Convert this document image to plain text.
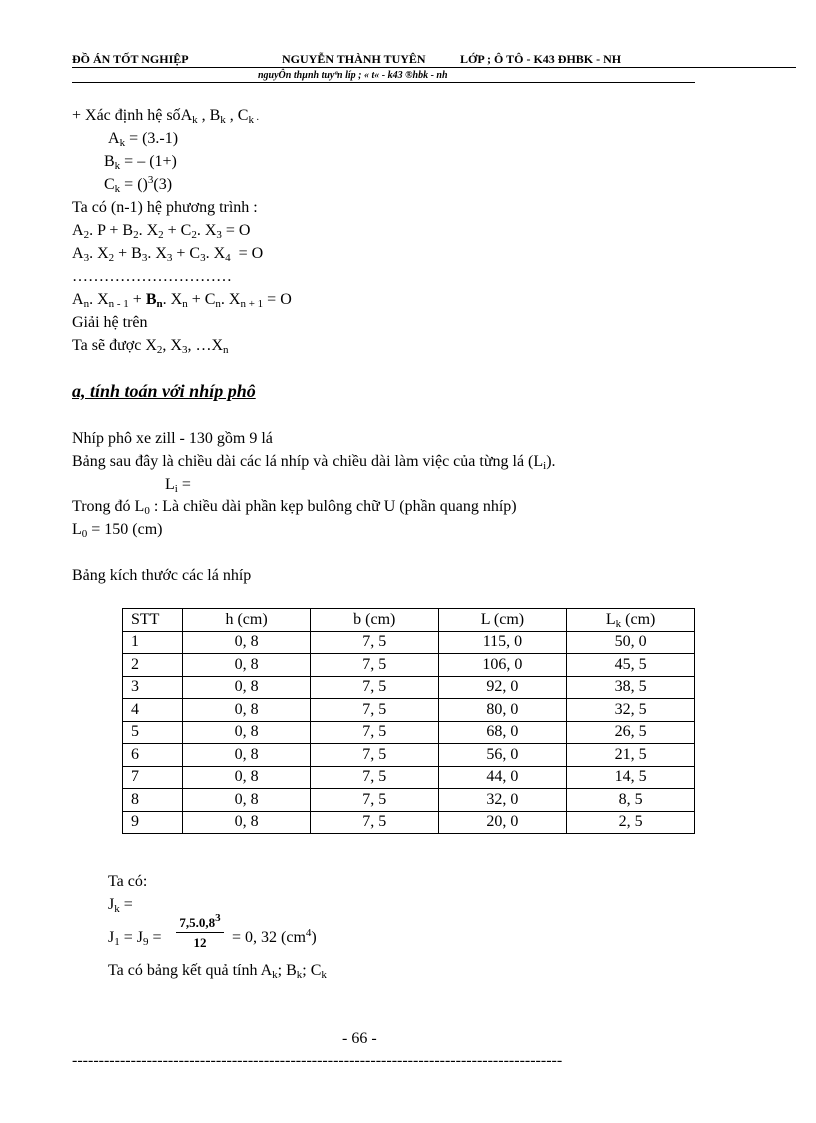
ĐỒ ÁN TỐT NGHIỆP	NGUYỄN THÀNH TUYÊN	LỚP ; Ô TÔ - K43 ĐHBK - NH
nguyÔn thµnh tuyªn líp ; « t« - k43 ®hbk - nh
+ Xác định hệ sốA$_k$ , $B_k$ , $C_k$ .
$A_k = (3.-1)$
$B_k$ = – (1+)
$C_k = ()^3(3)$
Ta có (n-1) hệ phương trình :
$A_2$. $P + B_2$. $X_2 + C_2$. $X_3 = O$
$A_3$. $X_2 + B_3$. $X_3 + C_3$. $X_4 = O$
…………………………
$A_n$. $X_{n - 1} + B_n$. $X_n + C_n$. $X_{n + 1} = O$
Giải hệ trên
Ta sẽ được $X_2$, $X_3$, $\dots X_n$
a, tính toán với nhíp phô
Nhíp phô xe zill - 130 gồm 9 lá
Bảng sau đây là chiều dài các lá nhíp và chiều dài làm việc của từng lá $(L_i)$.
$L_i$ =
Trong đó $L_0$ : Là chiều dài phần kẹp bulông chữ U (phần quang nhíp)
$L_0 = 150$ (cm)
Bảng kích thước các lá nhíp
STT	h (cm)	b (cm)	L (cm)	$L_k$ (cm)
1	0, 8	7, 5	115, 0	50, 0
2	0, 8	7, 5	106, 0	45, 5
3	0, 8	7, 5	92, 0	38, 5
4	0, 8	7, 5	80, 0	32, 5
5	0, 8	7, 5	68, 0	26, 5
6	0, 8	7, 5	56, 0	21, 5
7	0, 8	7, 5	44, 0	14, 5
8	0, 8	7, 5	32, 0	8, 5
9	0, 8	7, 5	20, 0	2, 5
Ta có:
$J_k$ =
$J_1 = J_9 = \frac{7,5.0,8^3}{12} = 0$, 32 $(cm^4)$
Ta có bảng kết quả tính $A_k$; $B_k$; $C_k$
- 66 -
--------------------------------------------------------------------------------------------
